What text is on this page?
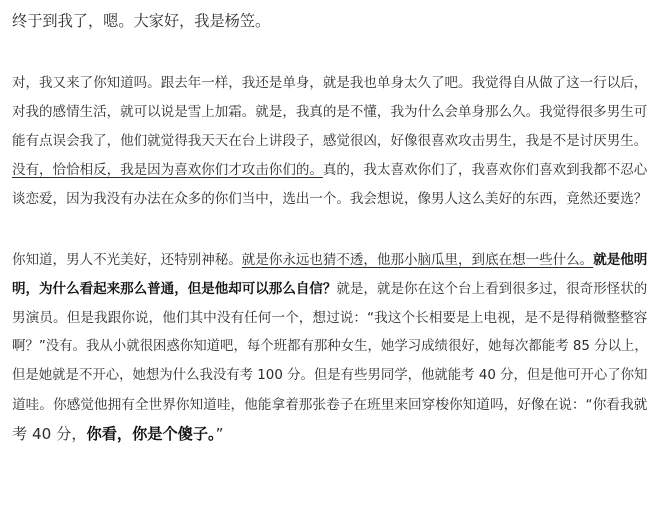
终于到我了，嗯。大家好，我是杨笠。
对，我又来了你知道吗。跟去年一样，我还是单身，就是我也单身太久了吧。我觉得自从做了这一行以后，
对我的感情生活，就可以说是雪上加霜。就是，我真的是不懂，我为什么会单身那么久。我觉得很多男生可
能有点误会我了，他们就觉得我天天在台上讲段子，感觉很凶，好像很喜欢攻击男生，我是不是讨厌男生。
没有，恰恰相反，我是因为喜欢你们才攻击你们的。真的，我太喜欢你们了，我喜欢你们喜欢到我都不忍心
谈恋爱，因为我没有办法在众多的你们当中，选出一个。我会想说，像男人这么美好的东西，竟然还要选？
你知道，男人不光美好，还特别神秘。就是你永远也猜不透，他那小脑瓜里，到底在想一些什么。就是他明
明，为什么看起来那么普通，但是他却可以那么自信？就是，就是你在这个台上看到很多过，很奇形怪状的
男演员。但是我跟你说，他们其中没有任何一个，想过说：“我这个长相要是上电视，是不是得稍微整整容
啊？”没有。我从小就很困惑你知道吧，每个班都有那种女生，她学习成绩很好，她每次都能考 85 分以上，
但是她就是不开心，她想为什么我没有考 100 分。但是有些男同学，他就能考 40 分，但是他可开心了你知
道哇。你感觉他拥有全世界你知道哇，他能拿着那张卷子在班里来回穿梭你知道吗，好像在说：“你看我就
考 40 分，你看，你是个傻子。”
